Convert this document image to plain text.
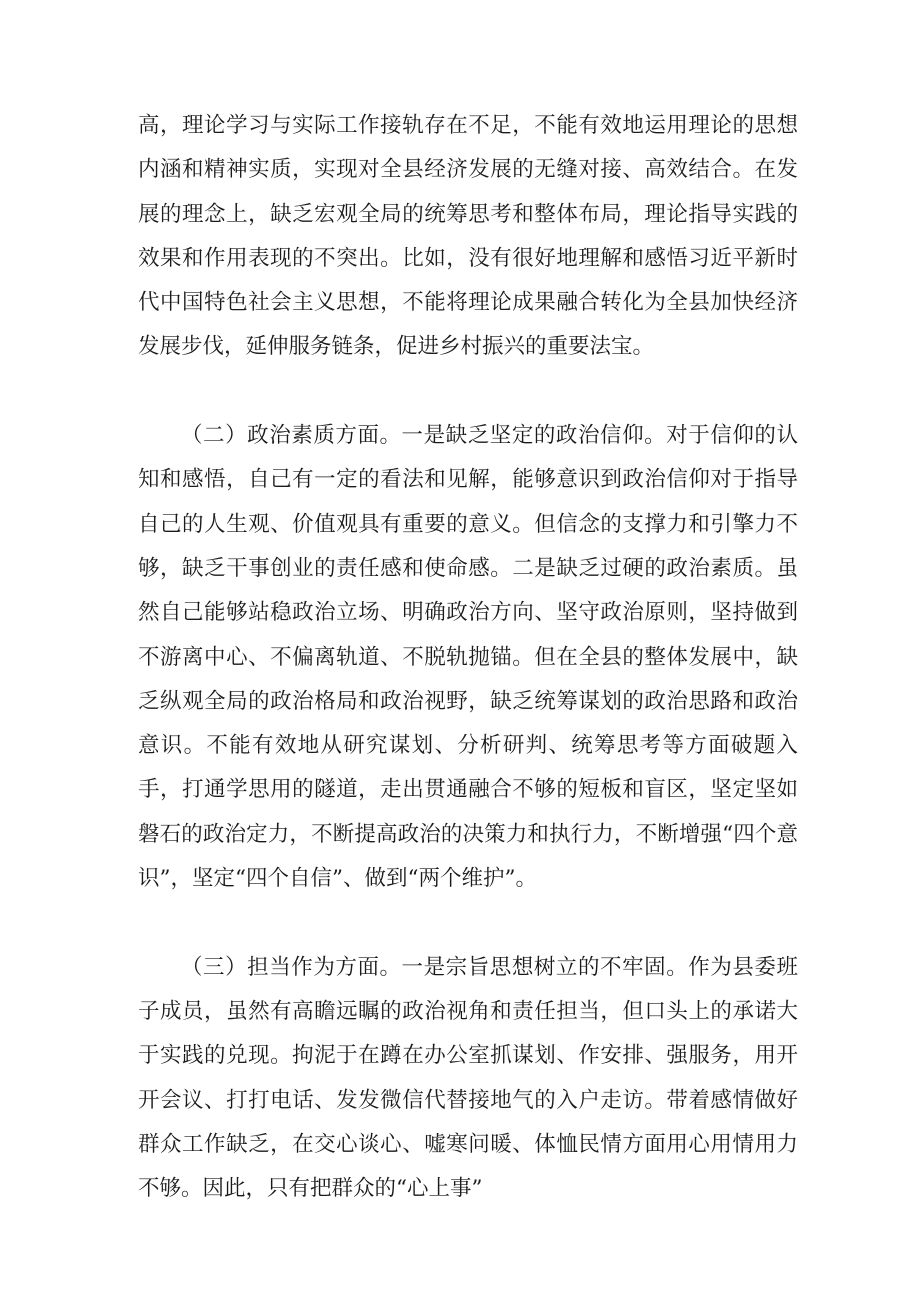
高，理论学习与实际工作接轨存在不足，不能有效地运用理论的思想内涵和精神实质，实现对全县经济发展的无缝对接、高效结合。在发展的理念上，缺乏宏观全局的统筹思考和整体布局，理论指导实践的效果和作用表现的不突出。比如，没有很好地理解和感悟习近平新时代中国特色社会主义思想，不能将理论成果融合转化为全县加快经济发展步伐，延伸服务链条，促进乡村振兴的重要法宝。

（二）政治素质方面。一是缺乏坚定的政治信仰。对于信仰的认知和感悟，自己有一定的看法和见解，能够意识到政治信仰对于指导自己的人生观、价值观具有重要的意义。但信念的支撑力和引擎力不够，缺乏干事创业的责任感和使命感。二是缺乏过硬的政治素质。虽然自己能够站稳政治立场、明确政治方向、坚守政治原则，坚持做到不游离中心、不偏离轨道、不脱轨抛锚。但在全县的整体发展中，缺乏纵观全局的政治格局和政治视野，缺乏统筹谋划的政治思路和政治意识。不能有效地从研究谋划、分析研判、统筹思考等方面破题入手，打通学思用的隧道，走出贯通融合不够的短板和盲区，坚定坚如磐石的政治定力，不断提高政治的决策力和执行力，不断增强“四个意识”，坚定“四个自信”、做到“两个维护”。

（三）担当作为方面。一是宗旨思想树立的不牢固。作为县委班子成员，虽然有高瞻远瞩的政治视角和责任担当，但口头上的承诺大于实践的兑现。拘泥于在蹲在办公室抓谋划、作安排、强服务，用开开会议、打打电话、发发微信代替接地气的入户走访。带着感情做好群众工作缺乏，在交心谈心、嘘寒问暖、体恤民情方面用心用情用力不够。因此，只有把群众的“心上事”
